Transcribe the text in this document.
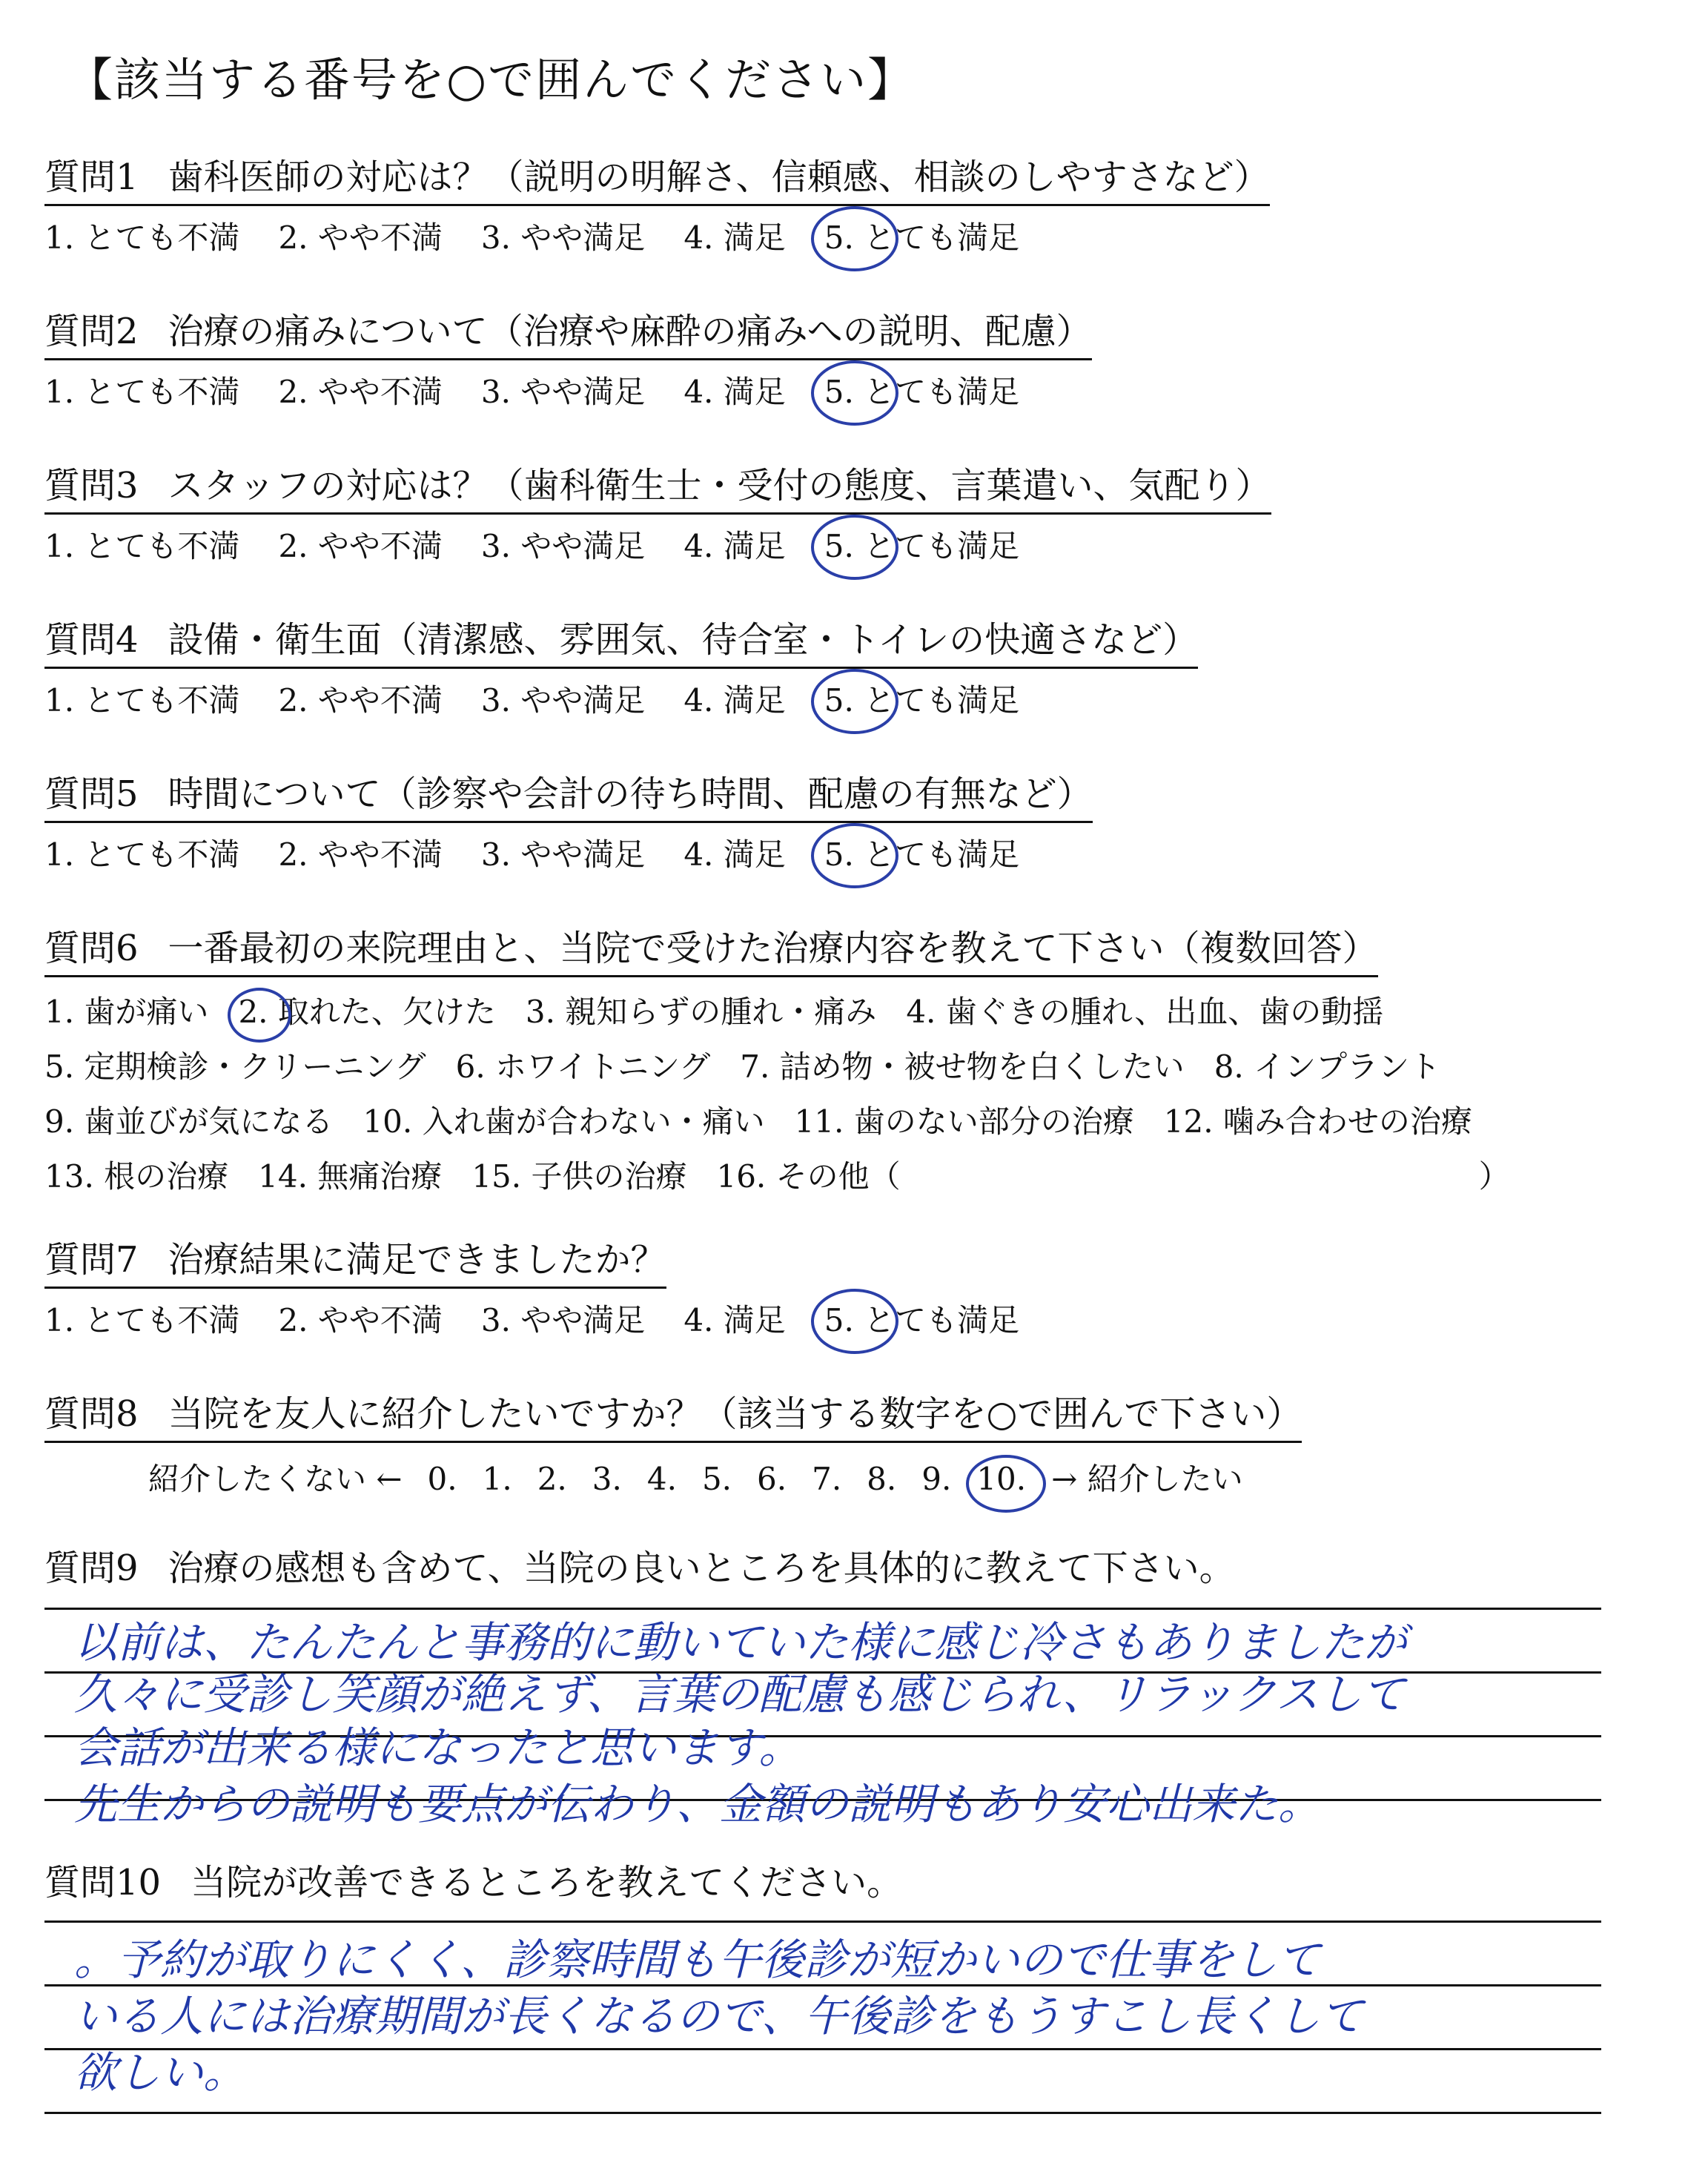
【該当する番号を○で囲んでください】
質問1 歯科医師の対応は？（説明の明解さ、信頼感、相談のしやすさなど）
1. とても不満 2. やや不満 3. やや満足 4. 満足 5. とても満足
質問2 治療の痛みについて（治療や麻酔の痛みへの説明、配慮）
1. とても不満 2. やや不満 3. やや満足 4. 満足 5. とても満足
質問3 スタッフの対応は？（歯科衛生士・受付の態度、言葉遣い、気配り）
1. とても不満 2. やや不満 3. やや満足 4. 満足 5. とても満足
質問4 設備・衛生面（清潔感、雰囲気、待合室・トイレの快適さなど）
1. とても不満 2. やや不満 3. やや満足 4. 満足 5. とても満足
質問5 時間について（診察や会計の待ち時間、配慮の有無など）
1. とても不満 2. やや不満 3. やや満足 4. 満足 5. とても満足
質問6 一番最初の来院理由と、当院で受けた治療内容を教えて下さい（複数回答）
1. 歯が痛い 2. 取れた、欠けた 3. 親知らずの腫れ・痛み 4. 歯ぐきの腫れ、出血、歯の動揺
5. 定期検診・クリーニング 6. ホワイトニング 7. 詰め物・被せ物を白くしたい 8. インプラント
9. 歯並びが気になる 10. 入れ歯が合わない・痛い 11. 歯のない部分の治療 12. 噛み合わせの治療
13. 根の治療 14. 無痛治療 15. 子供の治療 16. その他（	）
質問7 治療結果に満足できましたか？
1. とても不満 2. やや不満 3. やや満足 4. 満足 5. とても満足
質問8 当院を友人に紹介したいですか？（該当する数字を○で囲んで下さい）
紹介したくない ← 0. 1. 2. 3. 4. 5. 6. 7. 8. 9. 10. → 紹介したい
質問9 治療の感想も含めて、当院の良いところを具体的に教えて下さい。
以前は、たんたんと事務的に動いていた様に感じ冷さもありましたが
久々に受診し笑顔が絶えず、言葉の配慮も感じられ、リラックスして
会話が出来る様になったと思います。
先生からの説明も要点が伝わり、金額の説明もあり安心出来た。
質問10 当院が改善できるところを教えてください。
。予約が取りにくく、診察時間も午後診が短かいので仕事をして
いる人には治療期間が長くなるので、午後診をもうすこし長くして
欲しい。
